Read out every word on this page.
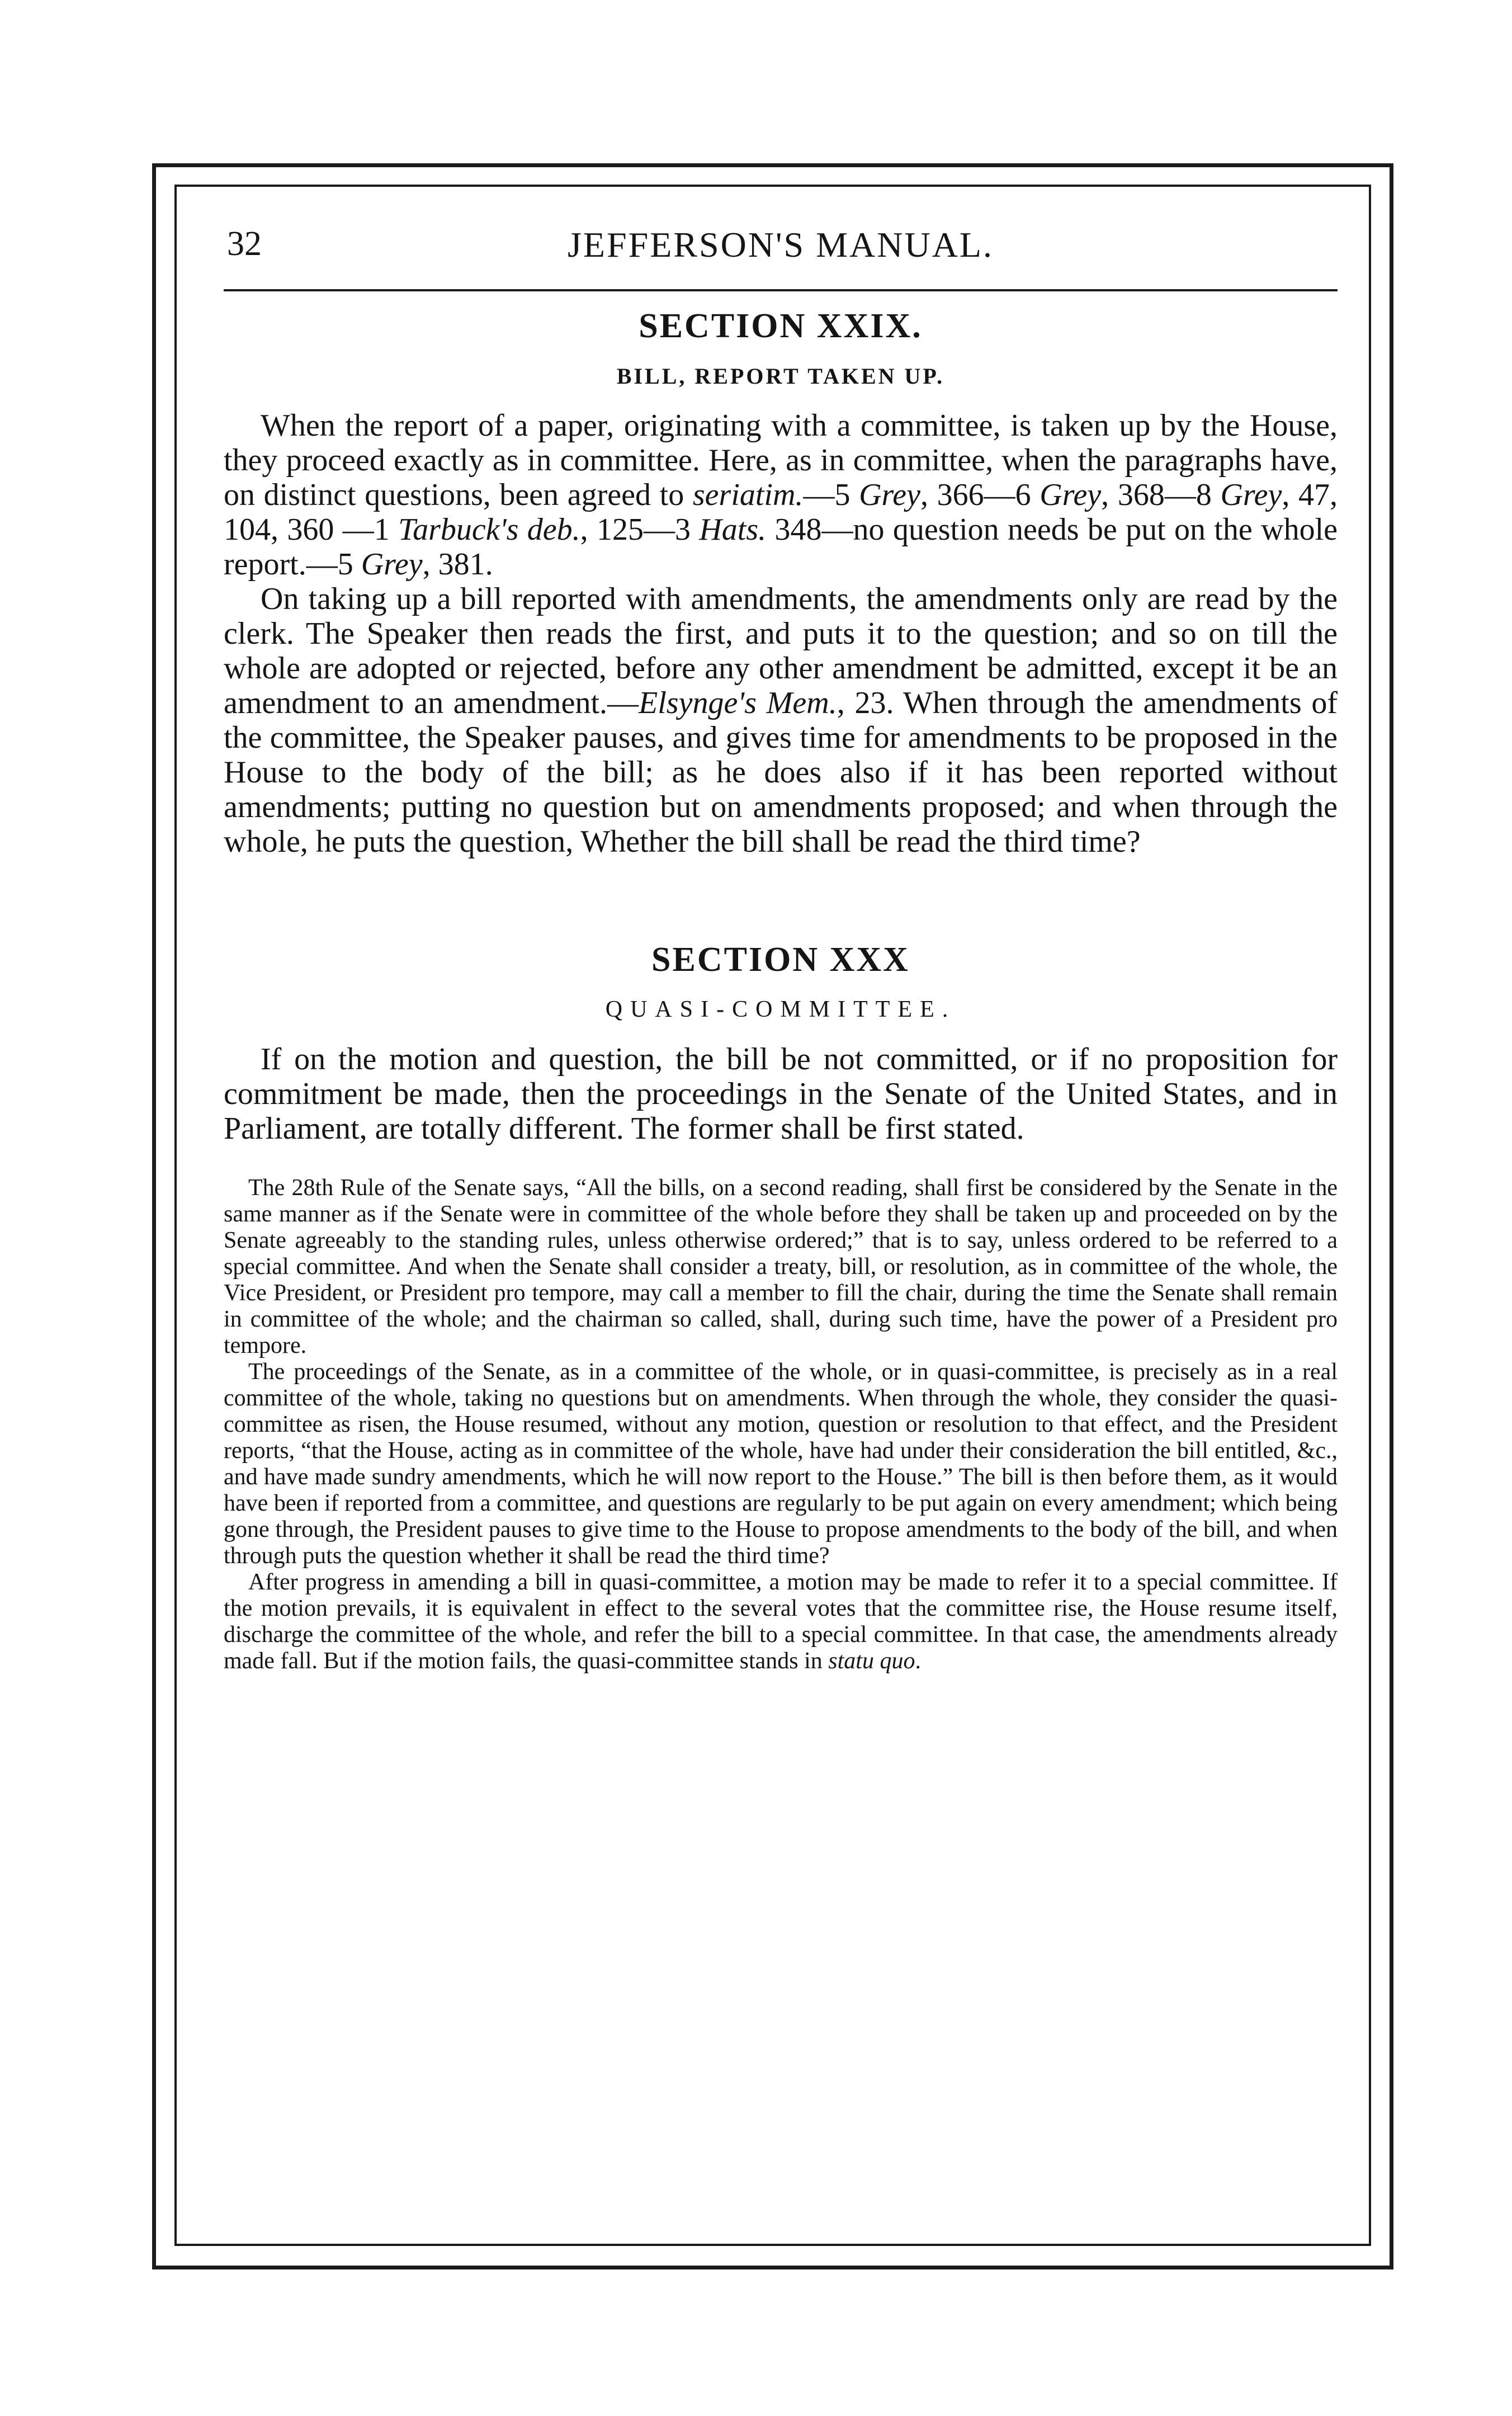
32	JEFFERSON'S MANUAL.
SECTION XXIX.
BILL, REPORT TAKEN UP.

When the report of a paper, originating with a committee, is taken up by the House, they proceed exactly as in committee. Here, as in committee, when the paragraphs have, on distinct questions, been agreed to seriatim.—5 Grey, 366—6 Grey, 368—8 Grey, 47, 104, 360 —1 Tarbuck's deb., 125—3 Hats. 348—no question needs be put on the whole report.—5 Grey, 381.

On taking up a bill reported with amendments, the amendments only are read by the clerk. The Speaker then reads the first, and puts it to the question; and so on till the whole are adopted or rejected, before any other amendment be admitted, except it be an amendment to an amendment.—Elsynge's Mem., 23. When through the amendments of the committee, the Speaker pauses, and gives time for amendments to be proposed in the House to the body of the bill; as he does also if it has been reported without amendments; putting no question but on amendments proposed; and when through the whole, he puts the question, Whether the bill shall be read the third time?

SECTION XXX
QUASI-COMMITTEE.

If on the motion and question, the bill be not committed, or if no proposition for commitment be made, then the proceedings in the Senate of the United States, and in Parliament, are totally different. The former shall be first stated.

The 28th Rule of the Senate says, “All the bills, on a second reading, shall first be considered by the Senate in the same manner as if the Senate were in committee of the whole before they shall be taken up and proceeded on by the Senate agreeably to the standing rules, unless otherwise ordered;” that is to say, unless ordered to be referred to a special committee. And when the Senate shall consider a treaty, bill, or resolution, as in committee of the whole, the Vice President, or President pro tempore, may call a member to fill the chair, during the time the Senate shall remain in committee of the whole; and the chairman so called, shall, during such time, have the power of a President pro tempore.

The proceedings of the Senate, as in a committee of the whole, or in quasi-committee, is precisely as in a real committee of the whole, taking no questions but on amendments. When through the whole, they consider the quasi-committee as risen, the House resumed, without any motion, question or resolution to that effect, and the President reports, “that the House, acting as in committee of the whole, have had under their consideration the bill entitled, &c., and have made sundry amendments, which he will now report to the House.” The bill is then before them, as it would have been if reported from a committee, and questions are regularly to be put again on every amendment; which being gone through, the President pauses to give time to the House to propose amendments to the body of the bill, and when through puts the question whether it shall be read the third time?

After progress in amending a bill in quasi-committee, a motion may be made to refer it to a special committee. If the motion prevails, it is equivalent in effect to the several votes that the committee rise, the House resume itself, discharge the committee of the whole, and refer the bill to a special committee. In that case, the amendments already made fall. But if the motion fails, the quasi-committee stands in statu quo.
